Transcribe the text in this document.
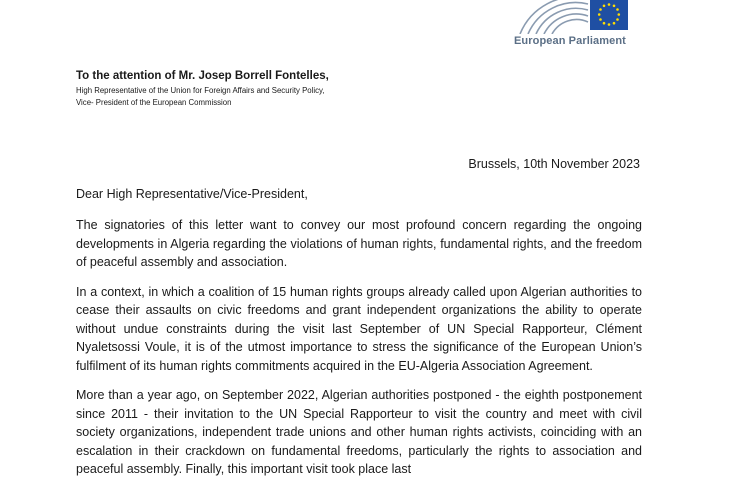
European Parliament

To the attention of Mr. Josep Borrell Fontelles,

High Representative of the Union for Foreign Affairs and Security Policy,

Vice- President of the European Commission

Brussels, 10th November 2023
Dear High Representative/Vice-President,

The signatories of this letter want to convey our most profound concern regarding the ongoing developments in Algeria regarding the violations of human rights, fundamental rights, and the freedom of peaceful assembly and association.

In a context, in which a coalition of 15 human rights groups already called upon Algerian authorities to cease their assaults on civic freedoms and grant independent organizations the ability to operate without undue constraints during the visit last September of UN Special Rapporteur, Clément Nyaletsossi Voule, it is of the utmost importance to stress the significance of the European Union’s fulfilment of its human rights commitments acquired in the EU-Algeria Association Agreement.

More than a year ago, on September 2022, Algerian authorities postponed - the eighth postponement since 2011 - their invitation to the UN Special Rapporteur to visit the country and meet with civil society organizations, independent trade unions and other human rights activists, coinciding with an escalation in their crackdown on fundamental freedoms, particularly the rights to association and peaceful assembly. Finally, this important visit took place last
